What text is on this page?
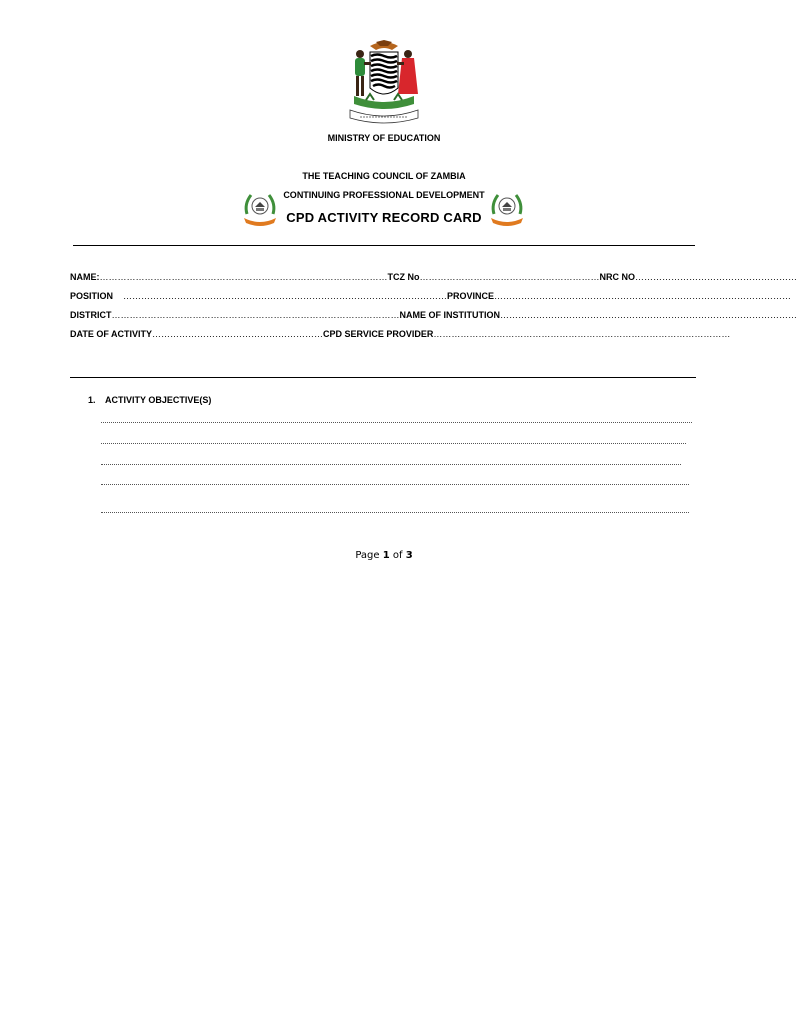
MINISTRY OF EDUCATION
THE TEACHING COUNCIL OF ZAMBIA
CONTINUING PROFESSIONAL DEVELOPMENT
CPD ACTIVITY RECORD CARD
NAME:……………………………………………………………………………………TCZ No……………………………………………………NRC NO………………………………………………
POSITION    ………………………………………………………………………………………………PROVINCE………………………………………………………………………………………
DISTRICT……………………………………………………………………………………NAME OF INSTITUTION………………………………………………………………………………………
DATE OF ACTIVITY…………………………………………………CPD SERVICE PROVIDER………………………………………………………………………………………
1. ACTIVITY OBJECTIVE(S)
Page 1 of 3
